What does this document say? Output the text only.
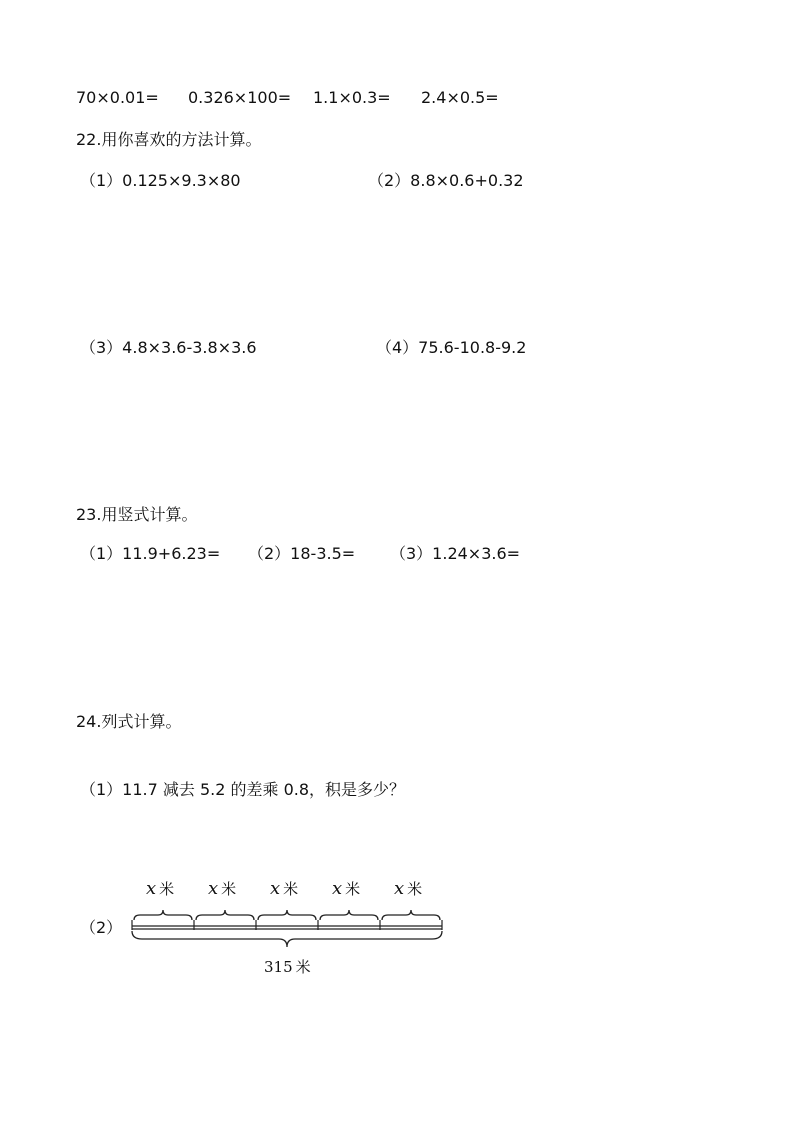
70×0.01= 0.326×100= 1.1×0.3= 2.4×0.5=
22.用你喜欢的方法计算。
（1）0.125×9.3×80	（2）8.8×0.6+0.32
（3）4.8×3.6-3.8×3.6	（4）75.6-10.8-9.2
23.用竖式计算。
（1）11.9+6.23= （2）18-3.5= （3）1.24×3.6=
24.列式计算。
（1）11.7 减去 5.2 的差乘 0.8，积是多少？
（2）
x 米 x 米 x 米 x 米 x 米
315 米
